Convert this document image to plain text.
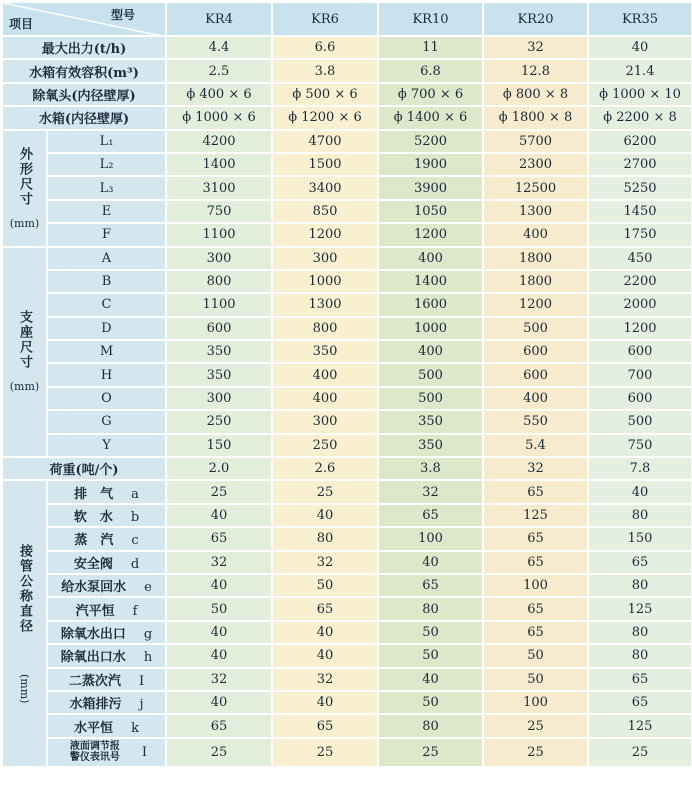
型号
项目		KR4	KR6	KR10	KR20	KR35
最大出力(t/h)		4.4	6.6	11	32	40
水箱有效容积(m³)		2.5	3.8	6.8	12.8	21.4
除氧头(内径壁厚)		ϕ 400 × 6	ϕ 500 × 6	ϕ 700 × 6	ϕ 800 × 8	ϕ 1000 × 10
水箱(内径壁厚)		ϕ 1000 × 6	ϕ 1200 × 6	ϕ 1400 × 6	ϕ 1800 × 8	ϕ 2200 × 8

外形尺寸
(mm)	L₁	4200	4700	5200	5700	6200
	L₂	1400	1500	1900	2300	2700
	L₃	3100	3400	3900	12500	5250
	E	750	850	1050	1300	1450
	F	1100	1200	1200	400	1750

支座尺寸
(mm)	A	300	300	400	1800	450
	B	800	1000	1400	1800	2200
	C	1100	1300	1600	1200	2000
	D	600	800	1000	500	1200
	M	350	350	400	600	600
	H	350	400	500	600	700
	O	300	400	500	400	600
	G	250	300	350	550	500
	Y	150	250	350	5.4	750
荷重(吨/个)		2.0	2.6	3.8	32	7.8

接管公称直径
(mm)	排　气 a	25	25	32	65	40
	软　水 b	40	40	65	125	80
	蒸　汽 c	65	80	100	65	150
	安全阀 d	32	32	40	65	65
	给水泵回水 e	40	50	65	100	80
	汽平恒 f	50	65	80	65	125
	除氧水出口 g	40	40	50	65	80
	除氧出口水 h	40	40	50	50	80
	二蒸次汽 I	32	32	40	50	65
	水箱排污 j	40	40	50	100	65
	水平恒 k	65	65	80	25	125
	液面调节报警仪表讯号 I	25	25	25	25	25
